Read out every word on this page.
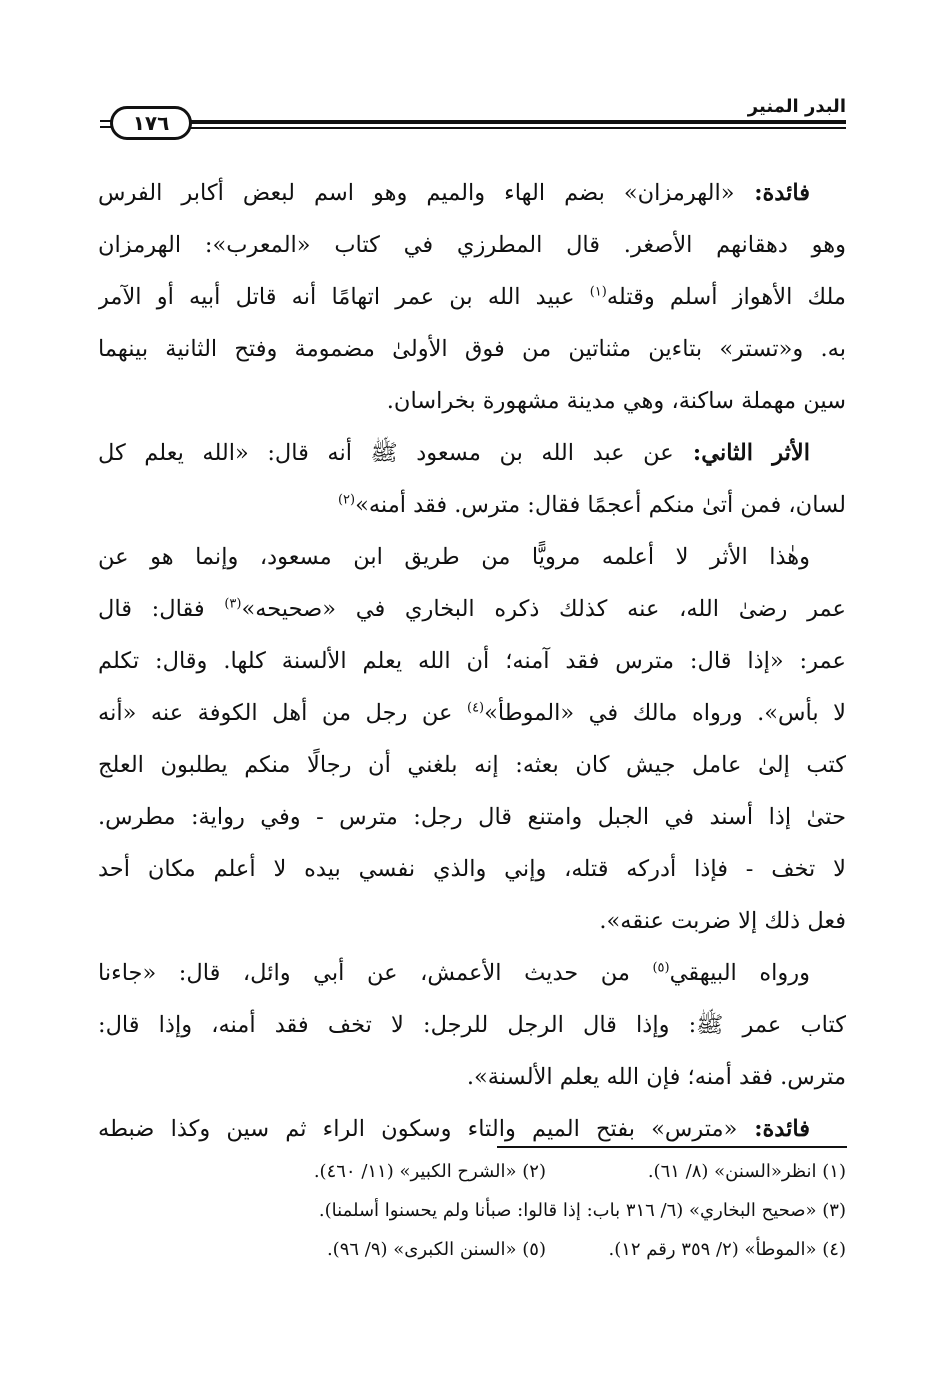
البدر المنير
١٧٦
فائدة: «الهرمزان» بضم الهاء والميم وهو اسم لبعض أكابر الفرس
وهو دهقانهم الأصغر. قال المطرزي في كتاب «المعرب»: الهرمزان
ملك الأهواز أسلم وقتله$^{(١)}$ عبيد الله بن عمر اتهامًا أنه قاتل أبيه أو الآمر
به. و«تستر» بتاءين مثناتين من فوق الأولىٰ مضمومة وفتح الثانية بينهما
سين مهملة ساكنة، وهي مدينة مشهورة بخراسان.
الأثر الثاني: عن عبد الله بن مسعود ﷺ أنه قال: «الله يعلم كل
لسان، فمن أتىٰ منكم أعجمًا فقال: مترس. فقد أمنه»$^{(٢)}$
وهٰذا الأثر لا أعلمه مرويًّا من طريق ابن مسعود، وإنما هو عن
عمر رضىٰ الله، عنه كذلك ذكره البخاري في «صحيحه»$^{(٣)}$ فقال: قال
عمر: «إذا قال: مترس فقد آمنه؛ أن الله يعلم الألسنة كلها. وقال: تكلم
لا بأس». ورواه مالك في «الموطأ»$^{(٤)}$ عن رجل من أهل الكوفة عنه «أنه
كتب إلىٰ عامل جيش كان بعثه: إنه بلغني أن رجالًا منكم يطلبون العلج
حتىٰ إذا أسند في الجبل وامتنع قال رجل: مترس - وفي رواية: مطرس.
لا تخف - فإذا أدركه قتله، وإني والذي نفسي بيده لا أعلم مكان أحد
فعل ذلك إلا ضربت عنقه».
ورواه البيهقي$^{(٥)}$ من حديث الأعمش، عن أبي وائل، قال: «جاءنا
كتاب عمر ﷺ: وإذا قال الرجل للرجل: لا تخف فقد أمنه، وإذا قال:
مترس. فقد أمنه؛ فإن الله يعلم الألسنة».
فائدة: «مترس» بفتح الميم والتاء وسكون الراء ثم سين وكذا ضبطه
(١) انظر«السنن» (٨/ ٦١).
(٢) «الشرح الكبير» (١١/ ٤٦٠).
(٣) «صحيح البخاري» (٦/ ٣١٦ باب: إذا قالوا: صبأنا ولم يحسنوا أسلمنا).
(٤) «الموطأ» (٢/ ٣٥٩ رقم ١٢).
(٥) «السنن الكبرى» (٩/ ٩٦).
